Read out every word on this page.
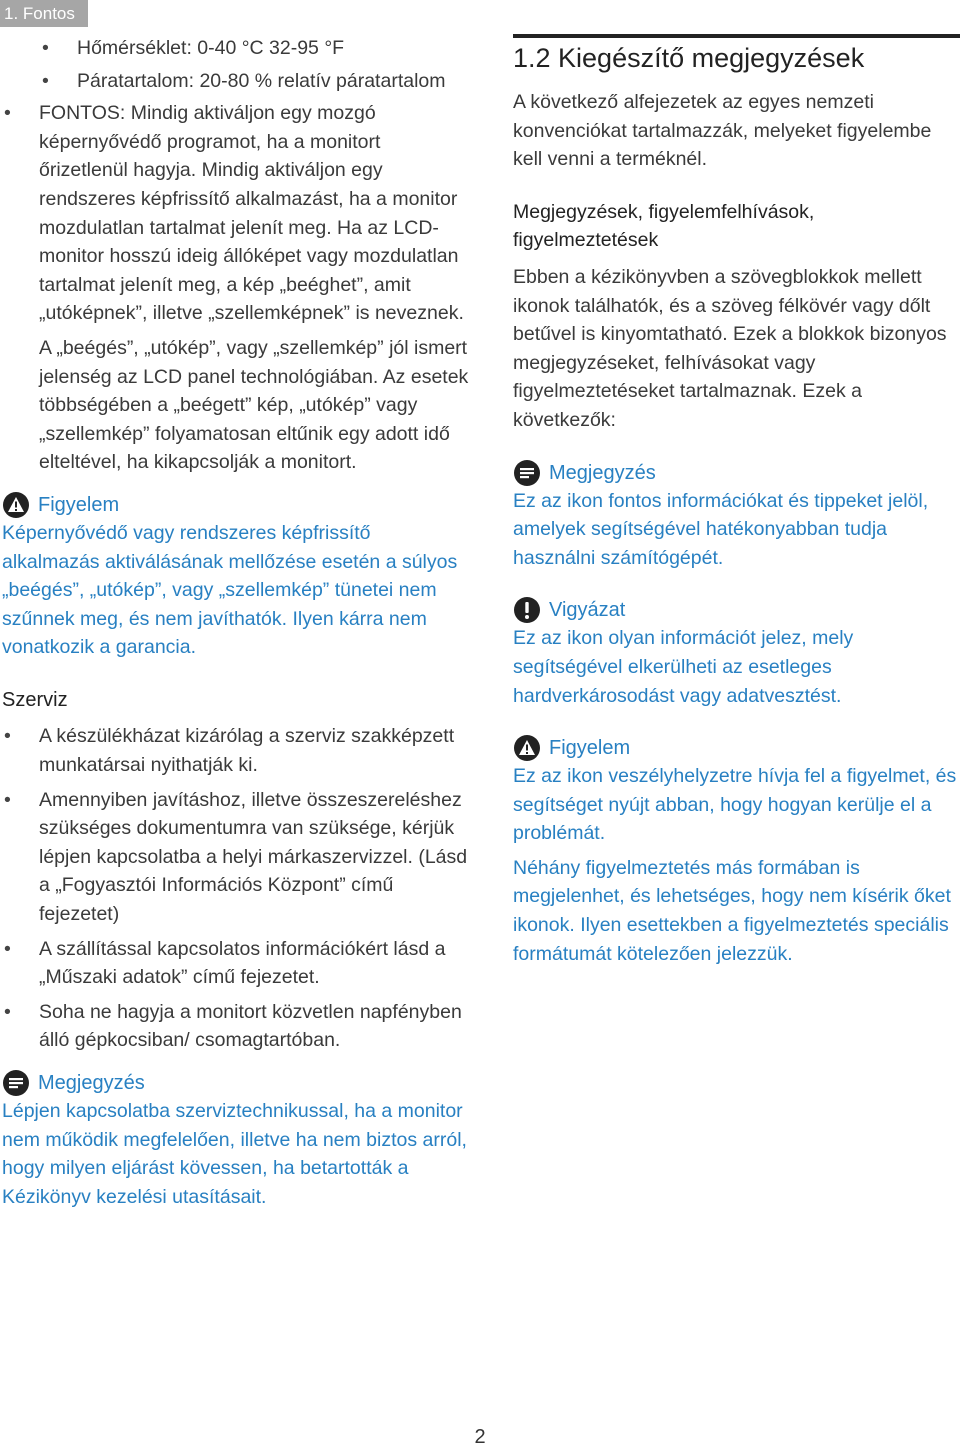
1. Fontos
• Hőmérséklet: 0-40 °C 32-95 °F
• Páratartalom: 20-80 % relatív páratartalom
• FONTOS: Mindig aktiváljon egy mozgó képernyővédő programot, ha a monitort őrizetlenül hagyja. Mindig aktiváljon egy rendszeres képfrissítő alkalmazást, ha a monitor mozdulatlan tartalmat jelenít meg. Ha az LCD-monitor hosszú ideig állóképet vagy mozdulatlan tartalmat jelenít meg, a kép „beéghet”, amit „utóképnek”, illetve „szellemképnek” is neveznek.

A „beégés”, „utókép”, vagy „szellemkép” jól ismert jelenség az LCD panel technológiában. Az esetek többségében a „beégett” kép, „utókép” vagy „szellemkép” folyamatosan eltűnik egy adott idő elteltével, ha kikapcsolják a monitort.

Figyelem

Képernyővédő vagy rendszeres képfrissítő alkalmazás aktiválásának mellőzése esetén a súlyos „beégés”, „utókép”, vagy „szellemkép” tünetei nem szűnnek meg, és nem javíthatók. Ilyen kárra nem vonatkozik a garancia.

Szerviz

• A készülékházat kizárólag a szerviz szakképzett munkatársai nyithatják ki.
• Amennyiben javításhoz, illetve összeszereléshez szükséges dokumentumra van szüksége, kérjük lépjen kapcsolatba a helyi márkaszervizzel. (Lásd a „Fogyasztói Információs Központ” című fejezetet)
• A szállítással kapcsolatos információkért lásd a „Műszaki adatok” című fejezetet.
• Soha ne hagyja a monitort közvetlen napfényben álló gépkocsiban/ csomagtartóban.
Megjegyzés

Lépjen kapcsolatba szerviztechnikussal, ha a monitor nem működik megfelelően, illetve ha nem biztos arról, hogy milyen eljárást kövessen, ha betartották a Kézikönyv kezelési utasításait.

1.2 Kiegészítő megjegyzések

A következő alfejezetek az egyes nemzeti konvenciókat tartalmazzák, melyeket figyelembe kell venni a terméknél.

Megjegyzések, figyelemfelhívások, figyelmeztetések

Ebben a kézikönyvben a szövegblokkok mellett ikonok találhatók, és a szöveg félkövér vagy dőlt betűvel is kinyomtatható. Ezek a blokkok bizonyos megjegyzéseket, felhívásokat vagy figyelmeztetéseket tartalmaznak. Ezek a következők:

Megjegyzés

Ez az ikon fontos információkat és tippeket jelöl, amelyek segítségével hatékonyabban tudja használni számítógépét.

Vigyázat

Ez az ikon olyan információt jelez, mely segítségével elkerülheti az esetleges hardverkárosodást vagy adatvesztést.

Figyelem

Ez az ikon veszélyhelyzetre hívja fel a figyelmet, és segítséget nyújt abban, hogy hogyan kerülje el a problémát.

Néhány figyelmeztetés más formában is megjelenhet, és lehetséges, hogy nem kísérik őket ikonok. Ilyen esettekben a figyelmeztetés speciális formátumát kötelezően jelezzük.

2
